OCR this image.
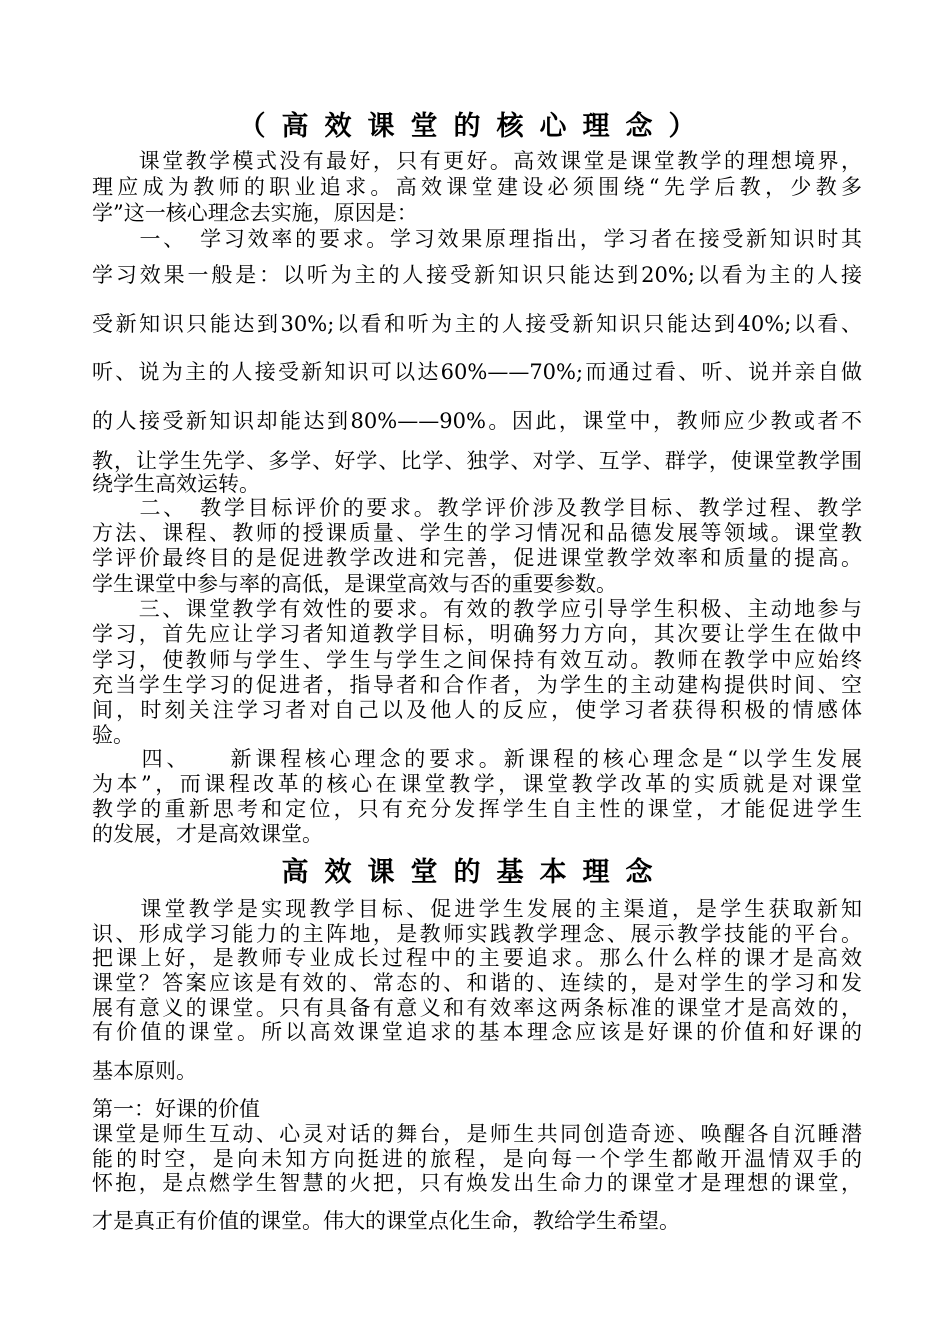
（高效课堂的核心理念）
　　课堂教学模式没有最好，只有更好。高效课堂是课堂教学的理想境界，
理应成为教师的职业追求。高效课堂建设必须围绕“先学后教，少教多
学”这一核心理念去实施，原因是：
　　一、　学习效率的要求。学习效果原理指出，学习者在接受新知识时其
学习效果一般是：以听为主的人接受新知识只能达到20%;以看为主的人接
受新知识只能达到30%;以看和听为主的人接受新知识只能达到40%;以看、
听、说为主的人接受新知识可以达60%——70%;而通过看、听、说并亲自做
的人接受新知识却能达到80%——90%。因此，课堂中，教师应少教或者不
教，让学生先学、多学、好学、比学、独学、对学、互学、群学，使课堂教学围
绕学生高效运转。
　　二、　教学目标评价的要求。教学评价涉及教学目标、教学过程、教学
方法、课程、教师的授课质量、学生的学习情况和品德发展等领域。课堂教
学评价最终目的是促进教学改进和完善，促进课堂教学效率和质量的提高。
学生课堂中参与率的高低，是课堂高效与否的重要参数。
　　三、课堂教学有效性的要求。有效的教学应引导学生积极、主动地参与
学习，首先应让学习者知道教学目标，明确努力方向，其次要让学生在做中
学习，使教师与学生、学生与学生之间保持有效互动。教师在教学中应始终
充当学生学习的促进者，指导者和合作者，为学生的主动建构提供时间、空
间，时刻关注学习者对自己以及他人的反应，使学习者获得积极的情感体
验。
　　四、　　新课程核心理念的要求。新课程的核心理念是“以学生发展
为本”，而课程改革的核心在课堂教学，课堂教学改革的实质就是对课堂
教学的重新思考和定位，只有充分发挥学生自主性的课堂，才能促进学生
的发展，才是高效课堂。
高效课堂的基本理念
　　课堂教学是实现教学目标、促进学生发展的主渠道，是学生获取新知
识、形成学习能力的主阵地，是教师实践教学理念、展示教学技能的平台。
把课上好，是教师专业成长过程中的主要追求。那么什么样的课才是高效
课堂？答案应该是有效的、常态的、和谐的、连续的，是对学生的学习和发
展有意义的课堂。只有具备有意义和有效率这两条标准的课堂才是高效的，
有价值的课堂。所以高效课堂追求的基本理念应该是好课的价值和好课的
基本原则。
第一：好课的价值
课堂是师生互动、心灵对话的舞台，是师生共同创造奇迹、唤醒各自沉睡潜
能的时空，是向未知方向挺进的旅程，是向每一个学生都敞开温情双手的
怀抱，是点燃学生智慧的火把，只有焕发出生命力的课堂才是理想的课堂，
才是真正有价值的课堂。伟大的课堂点化生命，教给学生希望。
